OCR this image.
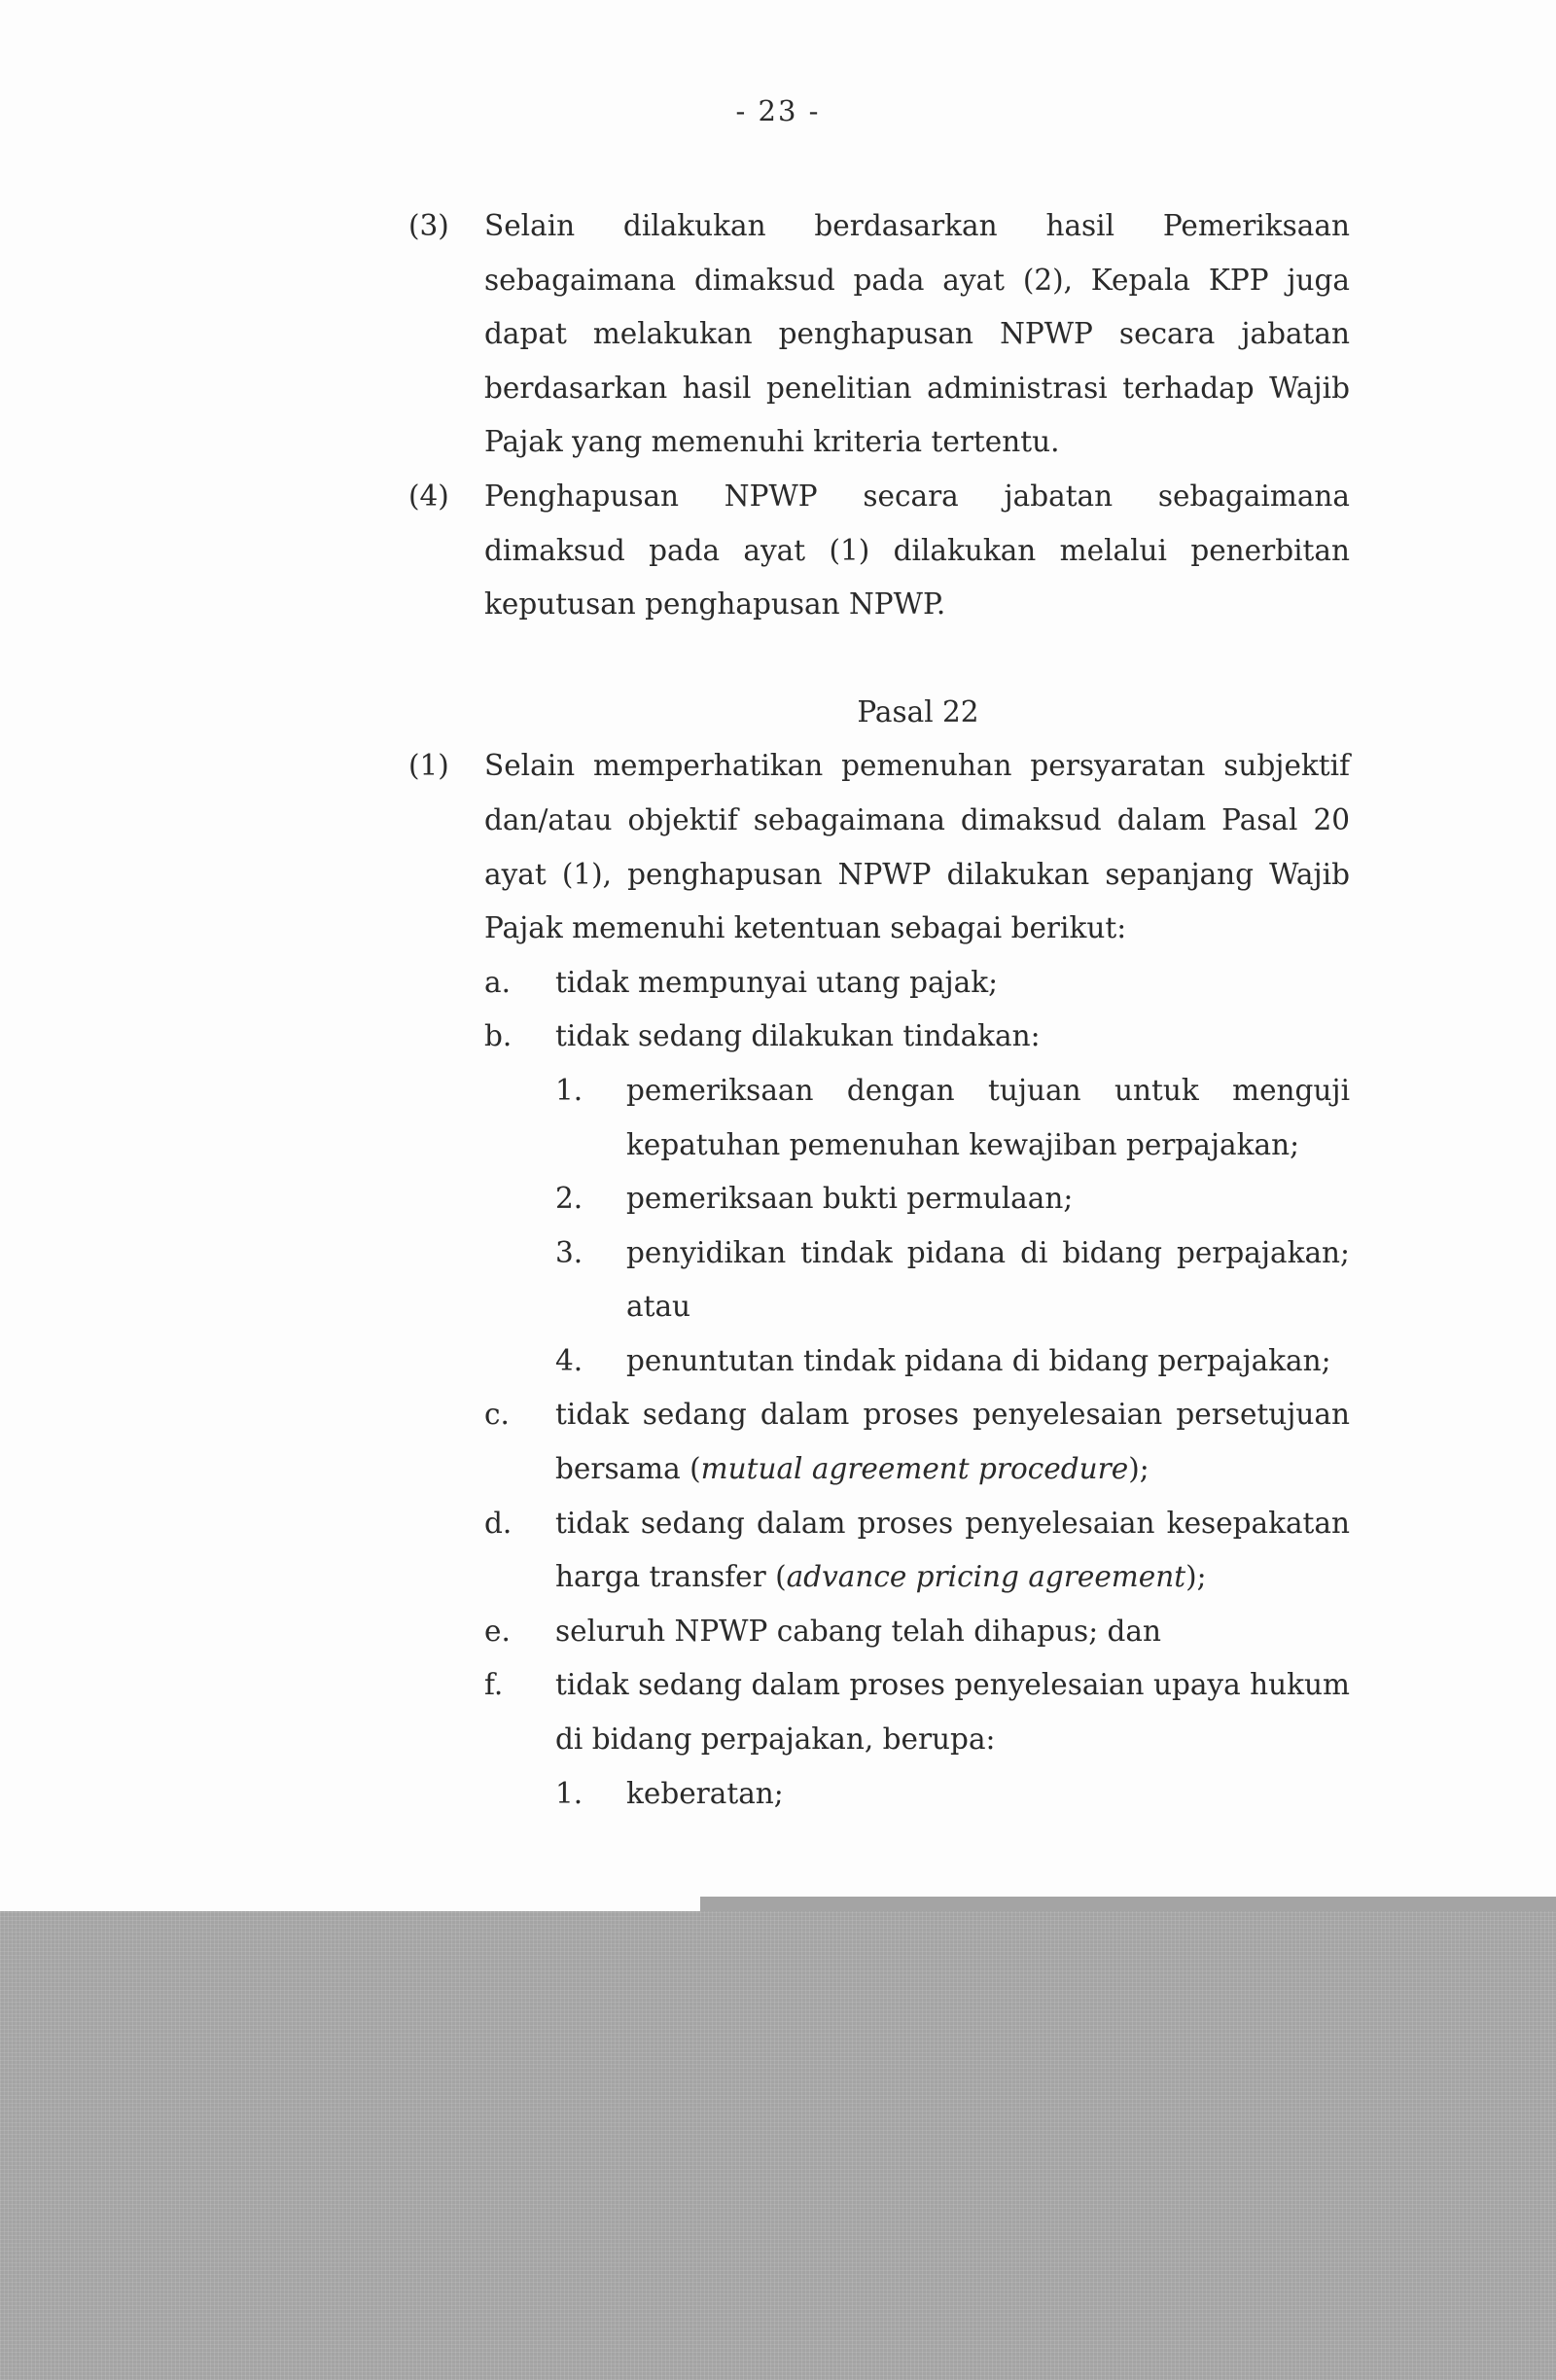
- 23 -
(3)	Selain dilakukan berdasarkan hasil Pemeriksaan sebagaimana dimaksud pada ayat (2), Kepala KPP juga dapat melakukan penghapusan NPWP secara jabatan berdasarkan hasil penelitian administrasi terhadap Wajib Pajak yang memenuhi kriteria tertentu.
(4)	Penghapusan NPWP secara jabatan sebagaimana dimaksud pada ayat (1) dilakukan melalui penerbitan keputusan penghapusan NPWP.
Pasal 22
(1)	Selain memperhatikan pemenuhan persyaratan subjektif dan/atau objektif sebagaimana dimaksud dalam Pasal 20 ayat (1), penghapusan NPWP dilakukan sepanjang Wajib Pajak memenuhi ketentuan sebagai berikut:
a.	tidak mempunyai utang pajak;
b.	tidak sedang dilakukan tindakan:
1.	pemeriksaan dengan tujuan untuk menguji kepatuhan pemenuhan kewajiban perpajakan;
2.	pemeriksaan bukti permulaan;
3.	penyidikan tindak pidana di bidang perpajakan; atau
4.	penuntutan tindak pidana di bidang perpajakan;
c.	tidak sedang dalam proses penyelesaian persetujuan bersama (mutual agreement procedure);
d.	tidak sedang dalam proses penyelesaian kesepakatan harga transfer (advance pricing agreement);
e.	seluruh NPWP cabang telah dihapus; dan
f.	tidak sedang dalam proses penyelesaian upaya hukum di bidang perpajakan, berupa:
1.	keberatan;
